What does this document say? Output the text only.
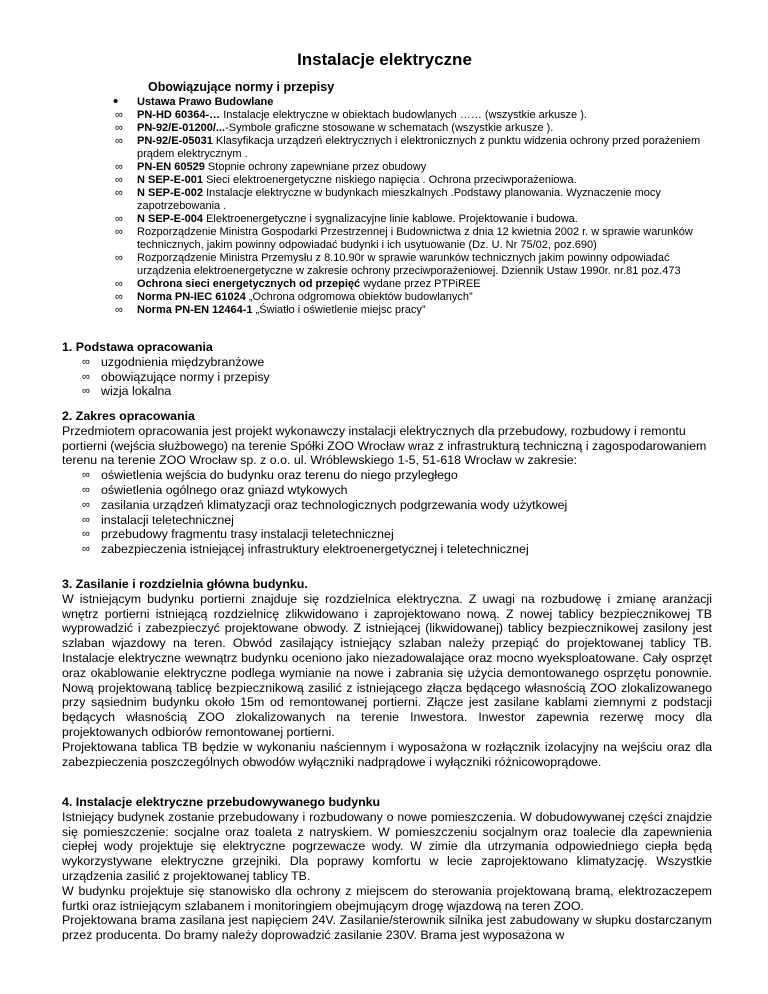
Instalacje elektryczne
Obowiązujące normy i przepisy
• Ustawa Prawo Budowlane
∞ PN-HD 60364-… Instalacje elektryczne w obiektach budowlanych …… (wszystkie arkusze ).
∞ PN-92/E-01200/...-Symbole graficzne stosowane w schematach (wszystkie arkusze ).
∞ PN-92/E-05031 Klasyfikacja urządzeń elektrycznych i elektronicznych z punktu widzenia ochrony przed porażeniem prądem elektrycznym .
∞ PN-EN 60529 Stopnie ochrony zapewniane przez obudowy
∞ N SEP-E-001 Sieci elektroenergetyczne niskiego napięcia . Ochrona przeciwporażeniowa.
∞ N SEP-E-002 Instalacje elektryczne w budynkach mieszkalnych .Podstawy planowania. Wyznaczenie mocy zapotrzebowania .
∞ N SEP-E-004 Elektroenergetyczne i sygnalizacyjne linie kablowe. Projektowanie i budowa.
∞ Rozporządzenie Ministra Gospodarki Przestrzennej i Budownictwa z dnia 12 kwietnia 2002 r. w sprawie warunków technicznych, jakim powinny odpowiadać budynki i ich usytuowanie (Dz. U. Nr 75/02, poz.690)
∞ Rozporządzenie Ministra Przemysłu z 8.10.90r w sprawie warunków technicznych jakim powinny odpowiadać urządzenia elektroenergetyczne w zakresie ochrony przeciwporażeniowej. Dziennik Ustaw 1990r. nr.81 poz.473
∞ Ochrona sieci energetycznych od przepięć wydane przez PTPiREE
∞ Norma PN-IEC 61024 „Ochrona odgromowa obiektów budowlanych”
∞ Norma PN-EN 12464-1 „Światło i oświetlenie miejsc pracy”
1. Podstawa opracowania
∞ uzgodnienia międzybranżowe
∞ obowiązujące normy i przepisy
∞ wizja lokalna
2. Zakres opracowania

Przedmiotem opracowania jest projekt wykonawczy instalacji elektrycznych dla przebudowy, rozbudowy i remontu portierni (wejścia służbowego) na terenie Spółki ZOO Wrocław wraz z infrastrukturą techniczną i zagospodarowaniem terenu na terenie ZOO Wrocław sp. z o.o. ul. Wróblewskiego 1-5, 51-618 Wrocław w zakresie:

∞ oświetlenia wejścia do budynku oraz terenu do niego przyległego
∞ oświetlenia ogólnego oraz gniazd wtykowych
∞ zasilania urządzeń klimatyzacji oraz technologicznych podgrzewania wody użytkowej
∞ instalacji teletechnicznej
∞ przebudowy fragmentu trasy instalacji teletechnicznej
∞ zabezpieczenia istniejącej infrastruktury elektroenergetycznej i teletechnicznej
3. Zasilanie i rozdzielnia główna budynku.

W istniejącym budynku portierni znajduje się rozdzielnica elektryczna. Z uwagi na rozbudowę i zmianę aranżacji wnętrz portierni istniejącą rozdzielnicę zlikwidowano i zaprojektowano nową. Z nowej tablicy bezpiecznikowej TB wyprowadzić i zabezpieczyć projektowane obwody. Z istniejącej (likwidowanej) tablicy bezpiecznikowej zasilony jest szlaban wjazdowy na teren. Obwód zasilający istniejący szlaban należy przepiąć do projektowanej tablicy TB. Instalacje elektryczne wewnątrz budynku oceniono jako niezadowalające oraz mocno wyeksploatowane. Cały osprzęt oraz okablowanie elektryczne podlega wymianie na nowe i zabrania się użycia demontowanego osprzętu ponownie. Nową projektowaną tablicę bezpiecznikową zasilić z istniejącego złącza będącego własnością ZOO zlokalizowanego przy sąsiednim budynku około 15m od remontowanej portierni. Złącze jest zasilane kablami ziemnymi z podstacji będących własnością ZOO zlokalizowanych na terenie Inwestora. Inwestor zapewnia rezerwę mocy dla projektowanych odbiorów remontowanej portierni.

Projektowana tablica TB będzie w wykonaniu naściennym i wyposażona w rozłącznik izolacyjny na wejściu oraz dla zabezpieczenia poszczególnych obwodów wyłączniki nadprądowe i wyłączniki różnicowoprądowe.

4. Instalacje elektryczne przebudowywanego budynku

Istniejący budynek zostanie przebudowany i rozbudowany o nowe pomieszczenia. W dobudowywanej części znajdzie się pomieszczenie: socjalne oraz toaleta z natryskiem. W pomieszczeniu socjalnym oraz toalecie dla zapewnienia ciepłej wody projektuje się elektryczne pogrzewacze wody. W zimie dla utrzymania odpowiedniego ciepła będą wykorzystywane elektryczne grzejniki. Dla poprawy komfortu w lecie zaprojektowano klimatyzację. Wszystkie urządzenia zasilić z projektowanej tablicy TB.

W budynku projektuje się stanowisko dla ochrony z miejscem do sterowania projektowaną bramą, elektrozaczepem furtki oraz istniejącym szlabanem i monitoringiem obejmującym drogę wjazdową na teren ZOO.

Projektowana brama zasilana jest napięciem 24V. Zasilanie/sterownik silnika jest zabudowany w słupku dostarczanym przez producenta. Do bramy należy doprowadzić zasilanie 230V. Brama jest wyposażona w
